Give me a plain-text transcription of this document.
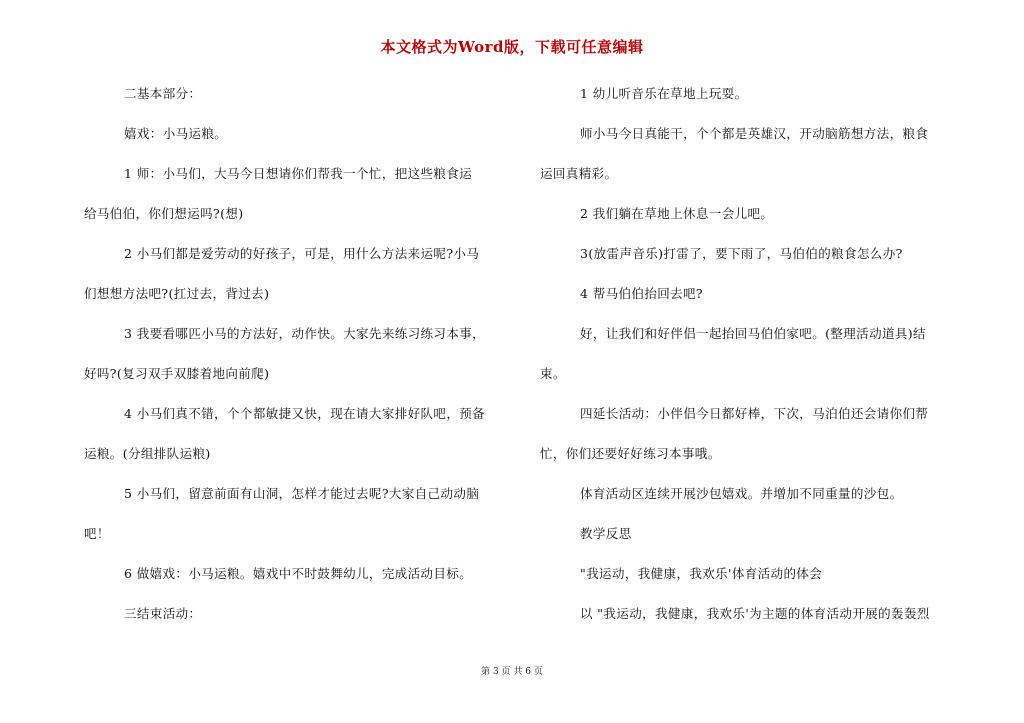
本文格式为Word版，下载可任意编辑
二基本部分：
嬉戏：小马运粮。
1 师：小马们，大马今日想请你们帮我一个忙，把这些粮食运
给马伯伯，你们想运吗?(想)
2 小马们都是爱劳动的好孩子，可是，用什么方法来运呢?小马
们想想方法吧?(扛过去，背过去)
3 我要看哪匹小马的方法好，动作快。大家先来练习练习本事，
好吗?(复习双手双膝着地向前爬)
4 小马们真不错，个个都敏捷又快，现在请大家排好队吧，预备
运粮。(分组排队运粮)
5 小马们，留意前面有山洞，怎样才能过去呢?大家自己动动脑
吧！
6 做嬉戏：小马运粮。嬉戏中不时鼓舞幼儿，完成活动目标。
三结束活动：
1 幼儿听音乐在草地上玩耍。
师小马今日真能干，个个都是英雄汉，开动脑筋想方法，粮食
运回真精彩。
2 我们躺在草地上休息一会儿吧。
3(放雷声音乐)打雷了，要下雨了，马伯伯的粮食怎么办?
4 帮马伯伯抬回去吧?
好，让我们和好伴侣一起抬回马伯伯家吧。(整理活动道具)结
束。
四延长活动：小伴侣今日都好棒，下次，马泊伯还会请你们帮
忙，你们还要好好练习本事哦。
体育活动区连续开展沙包嬉戏。并增加不同重量的沙包。
教学反思
"我运动，我健康，我欢乐'体育活动的体会
以 "我运动，我健康，我欢乐'为主题的体育活动开展的轰轰烈
第 3 页 共 6 页
